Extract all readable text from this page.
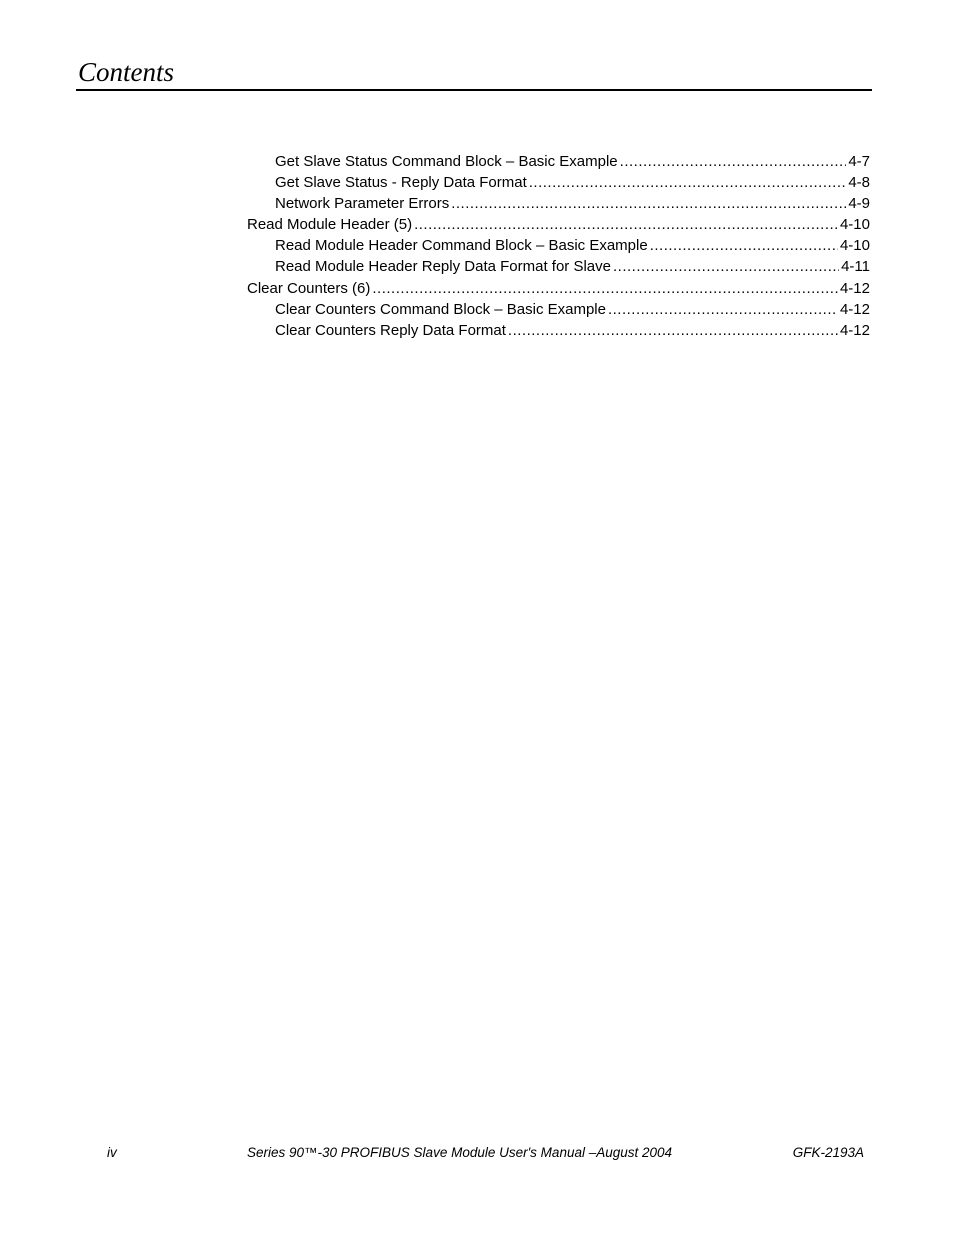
Contents
Get Slave Status Command Block – Basic Example .....	4-7
Get Slave Status - Reply Data Format .....	4-8
Network Parameter Errors .....	4-9
Read Module Header (5) .....	4-10
Read Module Header Command Block – Basic Example .....	4-10
Read Module Header Reply Data Format for Slave .....	4-11
Clear Counters (6) .....	4-12
Clear Counters Command Block – Basic Example .....	4-12
Clear Counters Reply Data Format .....	4-12
iv	Series 90™-30 PROFIBUS Slave Module User's Manual –August 2004	GFK-2193A
